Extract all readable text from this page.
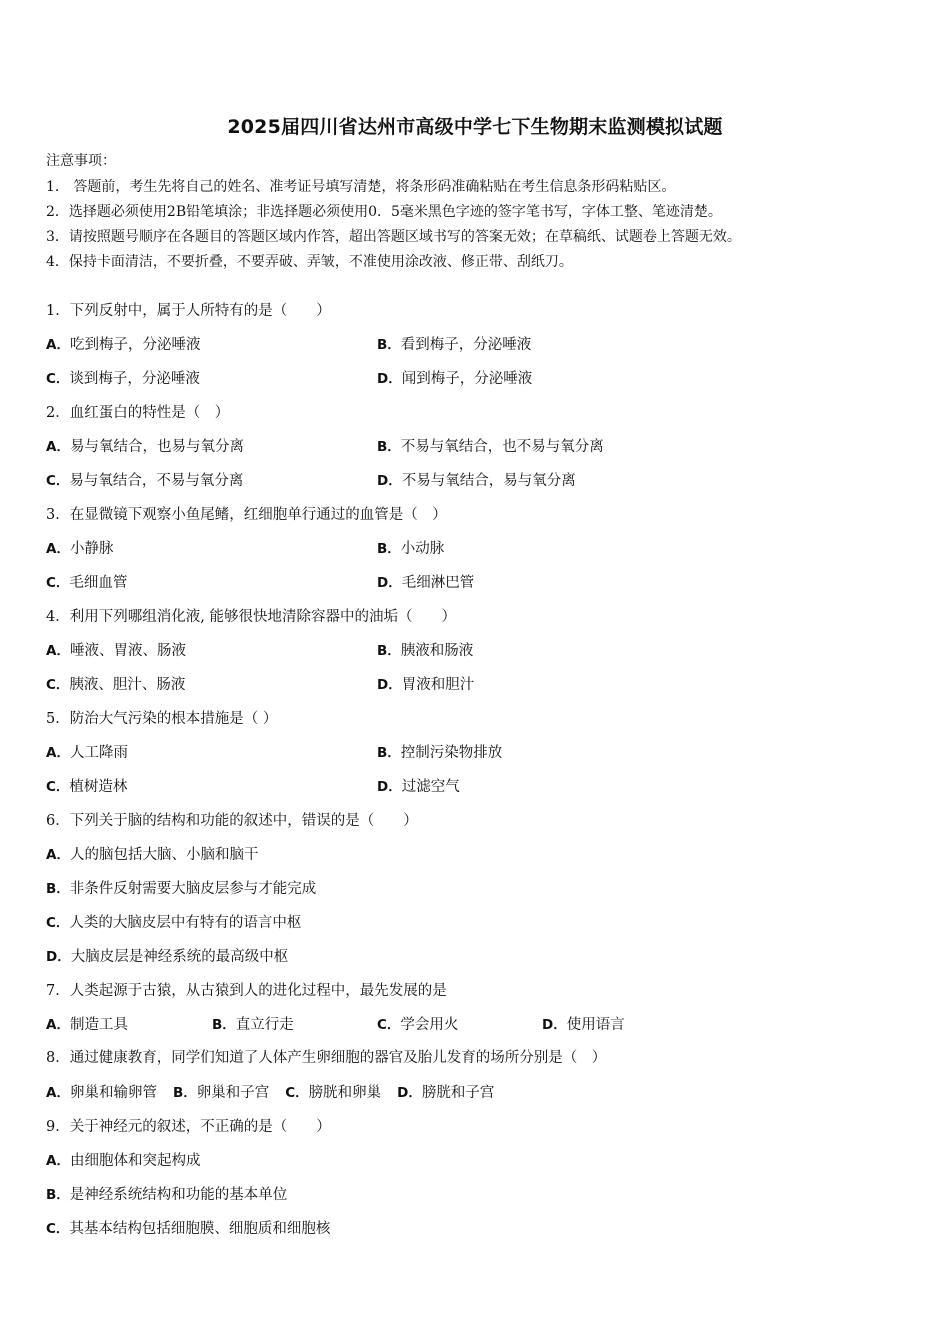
2025届四川省达州市高级中学七下生物期末监测模拟试题
注意事项：
1． 答题前，考生先将自己的姓名、准考证号填写清楚，将条形码准确粘贴在考生信息条形码粘贴区。
2．选择题必须使用2B铅笔填涂；非选择题必须使用0．5毫米黑色字迹的签字笔书写，字体工整、笔迹清楚。
3．请按照题号顺序在各题目的答题区域内作答，超出答题区域书写的答案无效；在草稿纸、试题卷上答题无效。
4．保持卡面清洁，不要折叠，不要弄破、弄皱，不准使用涂改液、修正带、刮纸刀。
1．下列反射中，属于人所特有的是（　　）
A．吃到梅子，分泌唾液	B．看到梅子，分泌唾液
C．谈到梅子，分泌唾液	D．闻到梅子，分泌唾液
2．血红蛋白的特性是（　）
A．易与氧结合，也易与氧分离	B．不易与氧结合，也不易与氧分离
C．易与氧结合，不易与氧分离	D．不易与氧结合，易与氧分离
3．在显微镜下观察小鱼尾鳍，红细胞单行通过的血管是（　）
A．小静脉	B．小动脉
C．毛细血管	D．毛细淋巴管
4．利用下列哪组消化液, 能够很快地清除容器中的油垢（　　）
A．唾液、胃液、肠液	B．胰液和肠液
C．胰液、胆汁、肠液	D．胃液和胆汁
5．防治大气污染的根本措施是（ ）
A．人工降雨	B．控制污染物排放
C．植树造林	D．过滤空气
6．下列关于脑的结构和功能的叙述中，错误的是（　　）
A．人的脑包括大脑、小脑和脑干
B．非条件反射需要大脑皮层参与才能完成
C．人类的大脑皮层中有特有的语言中枢
D．大脑皮层是神经系统的最高级中枢
7．人类起源于古猿，从古猿到人的进化过程中，最先发展的是
A．制造工具	B．直立行走	C．学会用火	D．使用语言
8．通过健康教育，同学们知道了人体产生卵细胞的器官及胎儿发育的场所分别是（　）
A．卵巢和输卵管 B．卵巢和子宫 C．膀胱和卵巢 D．膀胱和子宫
9．关于神经元的叙述，不正确的是（　　）
A．由细胞体和突起构成
B．是神经系统结构和功能的基本单位
C．其基本结构包括细胞膜、细胞质和细胞核
